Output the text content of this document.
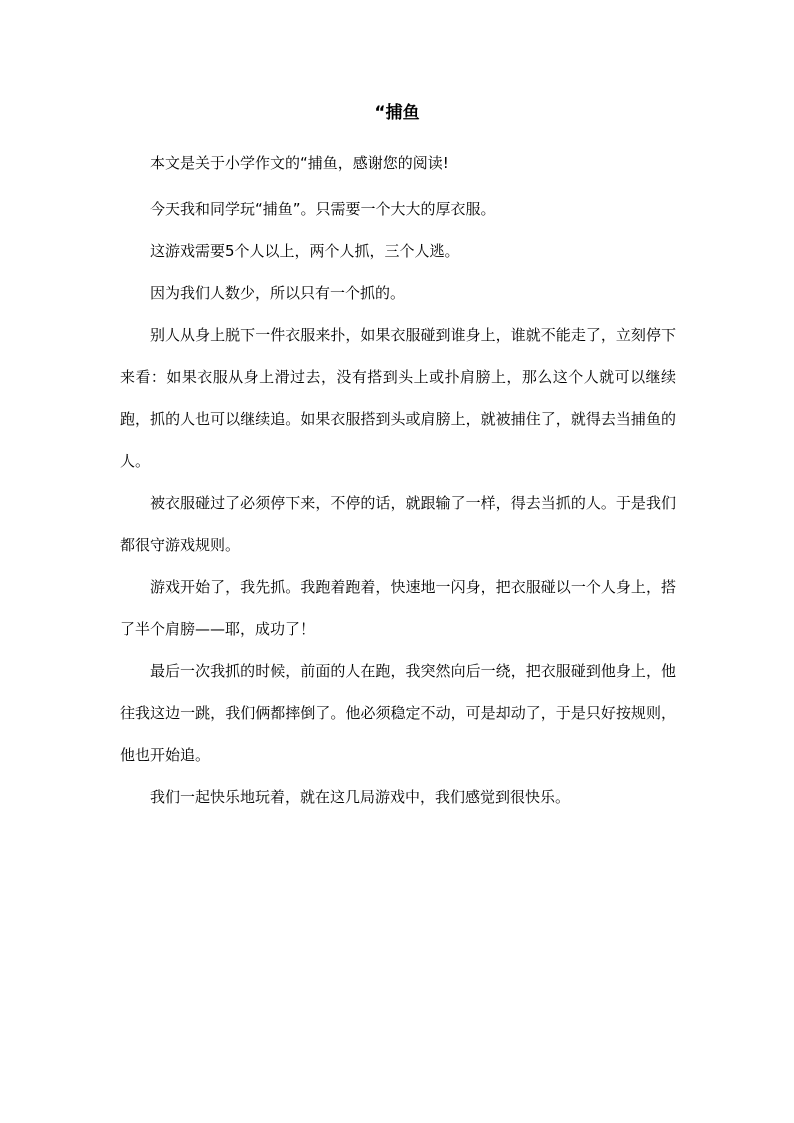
“捕鱼

本文是关于小学作文的“捕鱼，感谢您的阅读!

今天我和同学玩“捕鱼”。只需要一个大大的厚衣服。

这游戏需要5个人以上，两个人抓，三个人逃。

因为我们人数少，所以只有一个抓的。

别人从身上脱下一件衣服来扑，如果衣服碰到谁身上，谁就不能走了，立刻停下来看：如果衣服从身上滑过去，没有搭到头上或扑肩膀上，那么这个人就可以继续跑，抓的人也可以继续追。如果衣服搭到头或肩膀上，就被捕住了，就得去当捕鱼的人。

被衣服碰过了必须停下来，不停的话，就跟输了一样，得去当抓的人。于是我们都很守游戏规则。

游戏开始了，我先抓。我跑着跑着，快速地一闪身，把衣服碰以一个人身上，搭了半个肩膀——耶，成功了！

最后一次我抓的时候，前面的人在跑，我突然向后一绕，把衣服碰到他身上，他往我这边一跳，我们俩都摔倒了。他必须稳定不动，可是却动了，于是只好按规则，他也开始追。

我们一起快乐地玩着，就在这几局游戏中，我们感觉到很快乐。
